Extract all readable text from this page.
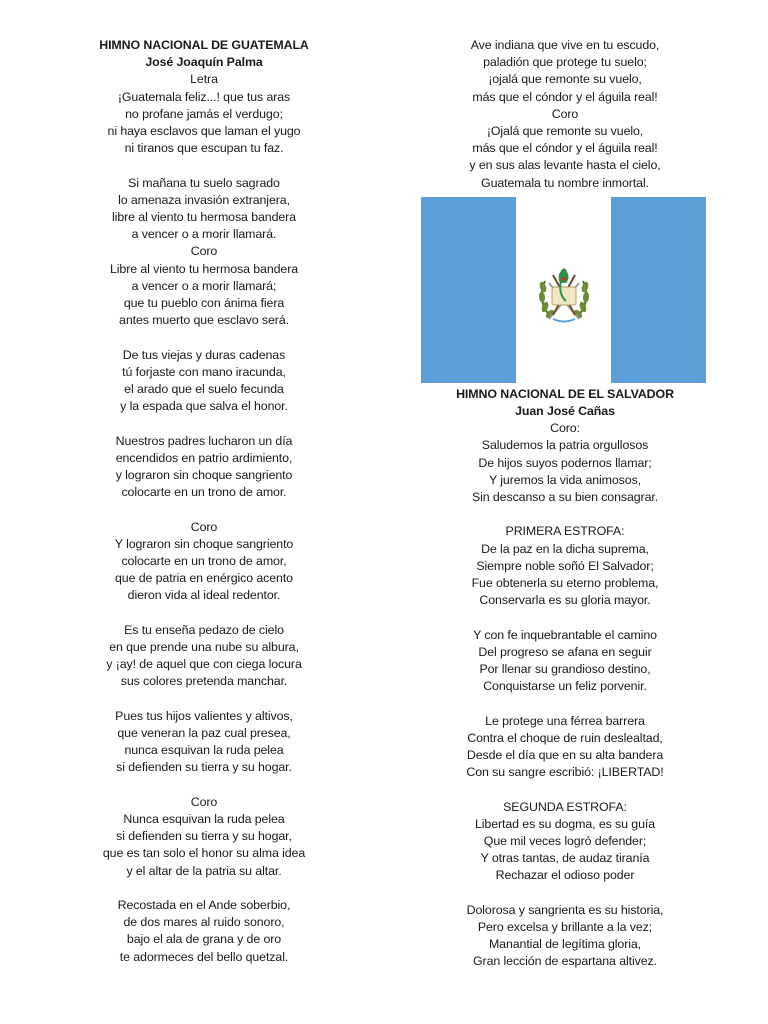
HIMNO NACIONAL DE GUATEMALA
José Joaquín Palma
Letra
¡Guatemala feliz...! que tus aras
no profane jamás el verdugo;
ni haya esclavos que laman el yugo
ni tiranos que escupan tu faz.
Si mañana tu suelo sagrado
lo amenaza invasión extranjera,
libre al viento tu hermosa bandera
a vencer o a morir llamará.
Coro
Libre al viento tu hermosa bandera
a vencer o a morir llamará;
que tu pueblo con ánima fiera
antes muerto que esclavo será.
De tus viejas y duras cadenas
tú forjaste con mano iracunda,
el arado que el suelo fecunda
y la espada que salva el honor.
Nuestros padres lucharon un día
encendidos en patrio ardimiento,
y lograron sin choque sangriento
colocarte en un trono de amor.
Coro
Y lograron sin choque sangriento
colocarte en un trono de amor,
que de patria en enérgico acento
dieron vida al ideal redentor.
Es tu enseña pedazo de cielo
en que prende una nube su albura,
y ¡ay! de aquel que con ciega locura
sus colores pretenda manchar.
Pues tus hijos valientes y altivos,
que veneran la paz cual presea,
nunca esquivan la ruda pelea
si defienden su tierra y su hogar.
Coro
Nunca esquivan la ruda pelea
si defienden su tierra y su hogar,
que es tan solo el honor su alma idea
y el altar de la patria su altar.
Recostada en el Ande soberbio,
de dos mares al ruido sonoro,
bajo el ala de grana y de oro
te adormeces del bello quetzal.
Ave indiana que vive en tu escudo,
paladión que protege tu suelo;
¡ojalá que remonte su vuelo,
más que el cóndor y el águila real!
Coro
¡Ojalá que remonte su vuelo,
más que el cóndor y el águila real!
y en sus alas levante hasta el cielo,
Guatemala tu nombre inmortal.
HIMNO NACIONAL DE EL SALVADOR
Juan José Cañas
Coro:
Saludemos la patria orgullosos
De hijos suyos podernos llamar;
Y juremos la vida animosos,
Sin descanso a su bien consagrar.
PRIMERA ESTROFA:
De la paz en la dicha suprema,
Siempre noble soñó El Salvador;
Fue obtenerla su eterno problema,
Conservarla es su gloria mayor.
Y con fe inquebrantable el camino
Del progreso se afana en seguir
Por llenar su grandioso destino,
Conquistarse un feliz porvenir.
Le protege una férrea barrera
Contra el choque de ruin deslealtad,
Desde el día que en su alta bandera
Con su sangre escribió: ¡LIBERTAD!
SEGUNDA ESTROFA:
Libertad es su dogma, es su guía
Que mil veces logró defender;
Y otras tantas, de audaz tiranía
Rechazar el odioso poder
Dolorosa y sangrienta es su historia,
Pero excelsa y brillante a la vez;
Manantial de legítima gloria,
Gran lección de espartana altivez.
